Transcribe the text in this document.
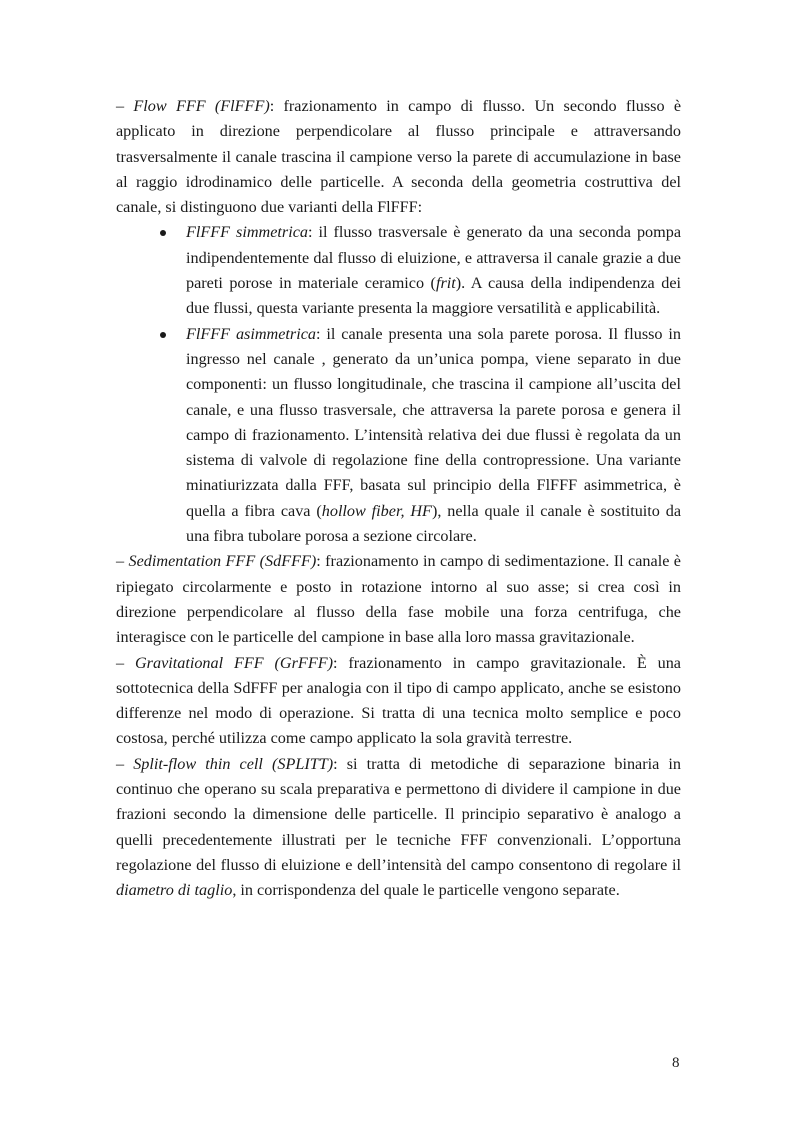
– Flow FFF (FlFFF): frazionamento in campo di flusso. Un secondo flusso è applicato in direzione perpendicolare al flusso principale e attraversando trasversalmente il canale trascina il campione verso la parete di accumulazione in base al raggio idrodinamico delle particelle. A seconda della geometria costruttiva del canale, si distinguono due varianti della FlFFF:

FlFFF simmetrica: il flusso trasversale è generato da una seconda pompa indipendentemente dal flusso di eluizione, e attraversa il canale grazie a due pareti porose in materiale ceramico (frit). A causa della indipendenza dei due flussi, questa variante presenta la maggiore versatilità e applicabilità.
FlFFF asimmetrica: il canale presenta una sola parete porosa. Il flusso in ingresso nel canale , generato da un’unica pompa, viene separato in due componenti: un flusso longitudinale, che trascina il campione all’uscita del canale, e una flusso trasversale, che attraversa la parete porosa e genera il campo di frazionamento. L’intensità relativa dei due flussi è regolata da un sistema di valvole di regolazione fine della contropressione. Una variante minatiurizzata dalla FFF, basata sul principio della FlFFF asimmetrica, è quella a fibra cava (hollow fiber, HF), nella quale il canale è sostituito da una fibra tubolare porosa a sezione circolare.

– Sedimentation FFF (SdFFF): frazionamento in campo di sedimentazione. Il canale è ripiegato circolarmente e posto in rotazione intorno al suo asse; si crea così in direzione perpendicolare al flusso della fase mobile una forza centrifuga, che interagisce con le particelle del campione in base alla loro massa gravitazionale.

– Gravitational FFF (GrFFF): frazionamento in campo gravitazionale. È una sottotecnica della SdFFF per analogia con il tipo di campo applicato, anche se esistono differenze nel modo di operazione. Si tratta di una tecnica molto semplice e poco costosa, perché utilizza come campo applicato la sola gravità terrestre.

– Split-flow thin cell (SPLITT): si tratta di metodiche di separazione binaria in continuo che operano su scala preparativa e permettono di dividere il campione in due frazioni secondo la dimensione delle particelle. Il principio separativo è analogo a quelli precedentemente illustrati per le tecniche FFF convenzionali. L’opportuna regolazione del flusso di eluizione e dell’intensità del campo consentono di regolare il diametro di taglio, in corrispondenza del quale le particelle vengono separate.

8
